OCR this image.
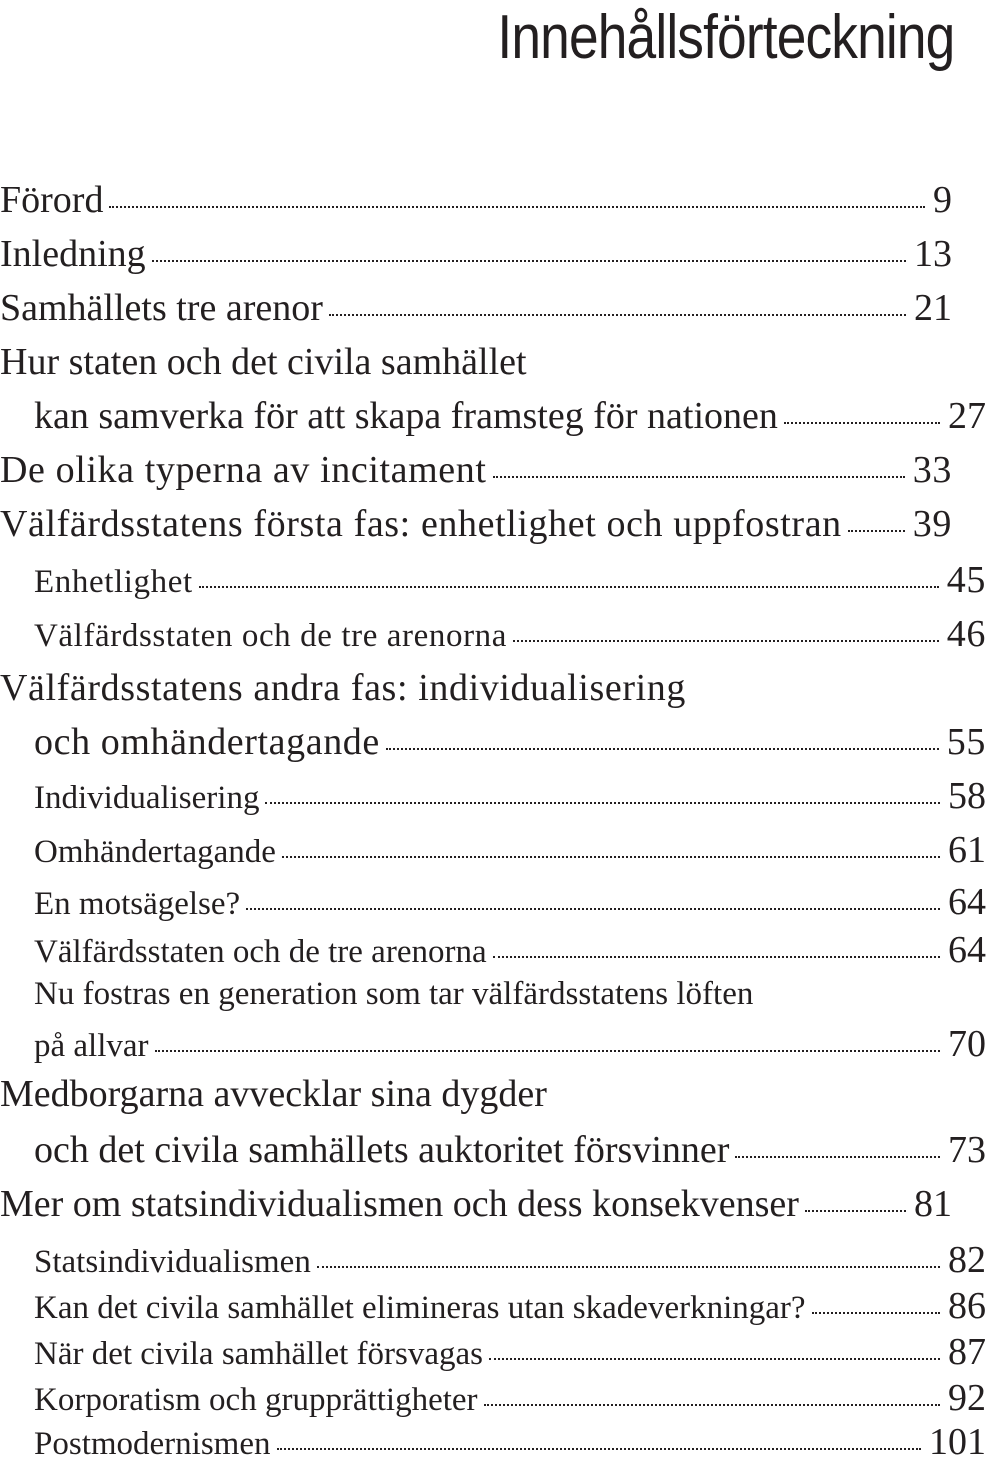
Innehållsförteckning
Förord	9
Inledning	13
Samhällets tre arenor	21
Hur staten och det civila samhället
kan samverka för att skapa framsteg för nationen	27
De olika typerna av incitament	33
Välfärdsstatens första fas: enhetlighet och uppfostran 39
Enhetlighet	45
Välfärdsstaten och de tre arenorna	46
Välfärdsstatens andra fas: individualisering
och omhändertagande	55
Individualisering	58
Omhändertagande	61
En motsägelse?	64
Välfärdsstaten och de tre arenorna	64
Nu fostras en generation som tar välfärdsstatens löften
på allvar	70
Medborgarna avvecklar sina dygder
och det civila samhällets auktoritet försvinner	73
Mer om statsindividualismen och dess konsekvenser	81
Statsindividualismen	82
Kan det civila samhället elimineras utan skadeverkningar?	86
När det civila samhället försvagas	87
Korporatism och grupprättigheter	92
Postmodernismen	101
